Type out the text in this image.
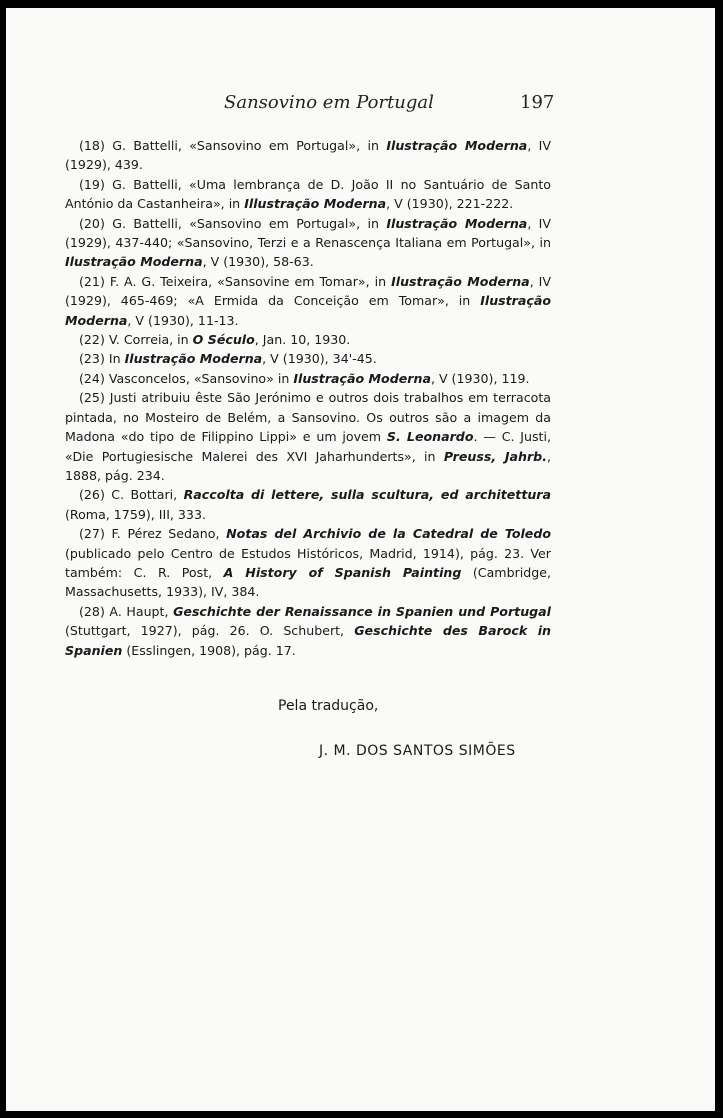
Sansovino em Portugal	197

(18) G. Battelli, «Sansovino em Portugal», in Ilustração Moderna, IV (1929), 439.

(19) G. Battelli, «Uma lembrança de D. João II no Santuário de Santo António da Castanheira», in Illustração Moderna, V (1930), 221-222.

(20) G. Battelli, «Sansovino em Portugal», in Ilustração Moderna, IV (1929), 437-440; «Sansovino, Terzi e a Renascença Italiana em Portugal», in Ilustração Moderna, V (1930), 58-63.

(21) F. A. G. Teixeira, «Sansovine em Tomar», in Ilustração Moderna, IV (1929), 465-469; «A Ermida da Conceição em Tomar», in Ilustração Moderna, V (1930), 11-13.

(22) V. Correia, in O Século, Jan. 10, 1930.

(23) In Ilustração Moderna, V (1930), 34'-45.

(24) Vasconcelos, «Sansovino» in Ilustração Moderna, V (1930), 119.

(25) Justi atribuiu êste São Jerónimo e outros dois trabalhos em terracota pintada, no Mosteiro de Belém, a Sansovino. Os outros são a imagem da Madona «do tipo de Filippino Lippi» e um jovem S. Leonardo. — C. Justi, «Die Portugiesische Malerei des XVI Jaharhunderts», in Preuss, Jahrb., 1888, pág. 234.

(26) C. Bottari, Raccolta di lettere, sulla scultura, ed architettura (Roma, 1759), III, 333.

(27) F. Pérez Sedano, Notas del Archivio de la Catedral de Toledo (publicado pelo Centro de Estudos Históricos, Madrid, 1914), pág. 23. Ver também: C. R. Post, A History of Spanish Painting (Cambridge, Massachusetts, 1933), IV, 384.

(28) A. Haupt, Geschichte der Renaissance in Spanien und Portugal (Stuttgart, 1927), pág. 26. O. Schubert, Geschichte des Barock in Spanien (Esslingen, 1908), pág. 17.

Pela tradução,
J. M. DOS SANTOS SIMÕES
